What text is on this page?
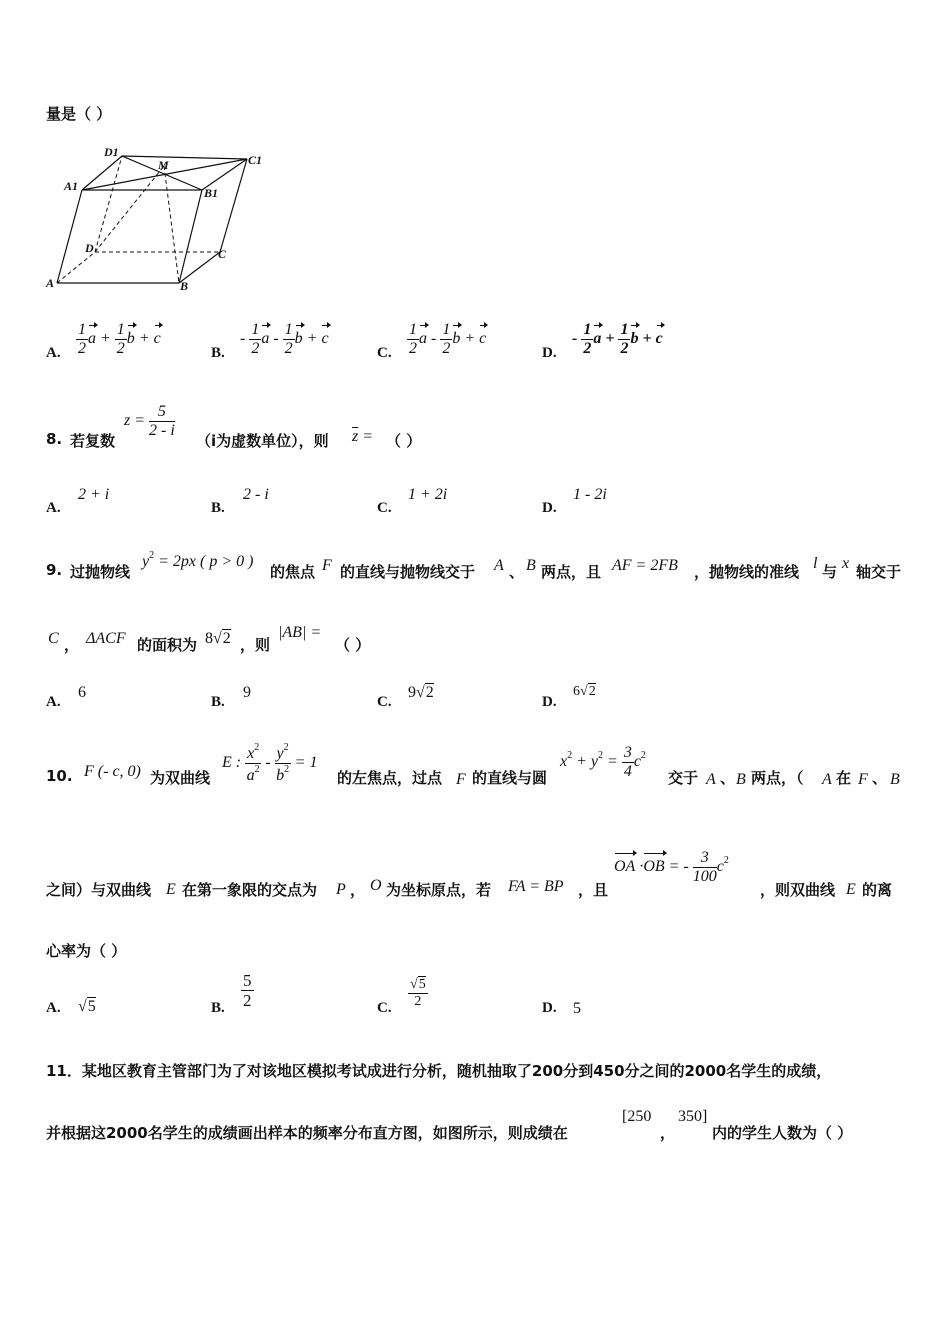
量是（ ）
D1
M	C1
A1	B1
D	C
A	B
A. $\frac{1}{2}$ $a + \frac{1}{2}$ b + c
B.
- $\frac{1}{2}$ a - $\frac{1}{2}$ b + c
C. $\frac{1}{2}$ a - $\frac{1}{2}$ b + c
D.
- $\frac{1}{2}$ $a + \frac{1}{2}$ b + c
8. 若复数
$z = \frac{5}{2 - i}$
（i为虚数单位），则 $\overline{z}$ = （ ）
A.
2 + i
B.
2 - i
C.
1 + 2i
D.
1 - 2i
9. 过抛物线
$y^2 = 2px$ ( p > 0 )
的焦点 F 的直线与抛物线交于 A 、 B 两点，且 AF = 2FB ，抛物线的准线 l 与 x 轴交于
C ， ΔACF 的面积为 8√2 ，则
|AB| =
（ ）
A.
6
B.
9
C.
9√2
D.
6√2
10. F (- c, 0) 为双曲线
E : $\frac{x^2}{a^2} - \frac{y^2}{b^2} = 1$
的左焦点，过点 F 的直线与圆
$x^2 + y^2 = \frac{3}{4} c^2$
交于 A 、 B 两点，（ A 在 F 、 B
之间）与双曲线 E 在第一象限的交点为 P ， O 为坐标原点，若 FA = BP ，且
OA ·OB = - $\frac{3}{100} c^2$
，则双曲线 E 的离
心率为（ ）
A. √5	B. $\frac{5}{2}$	C. $\frac{√5}{2}$	D. 5
11．某地区教育主管部门为了对该地区模拟考试成进行分析，随机抽取了200分到450分之间的2000名学生的成绩，
并根据这2000名学生的成绩画出样本的频率分布直方图，如图所示，则成绩在
[250
，
350]
内的学生人数为（ ）
